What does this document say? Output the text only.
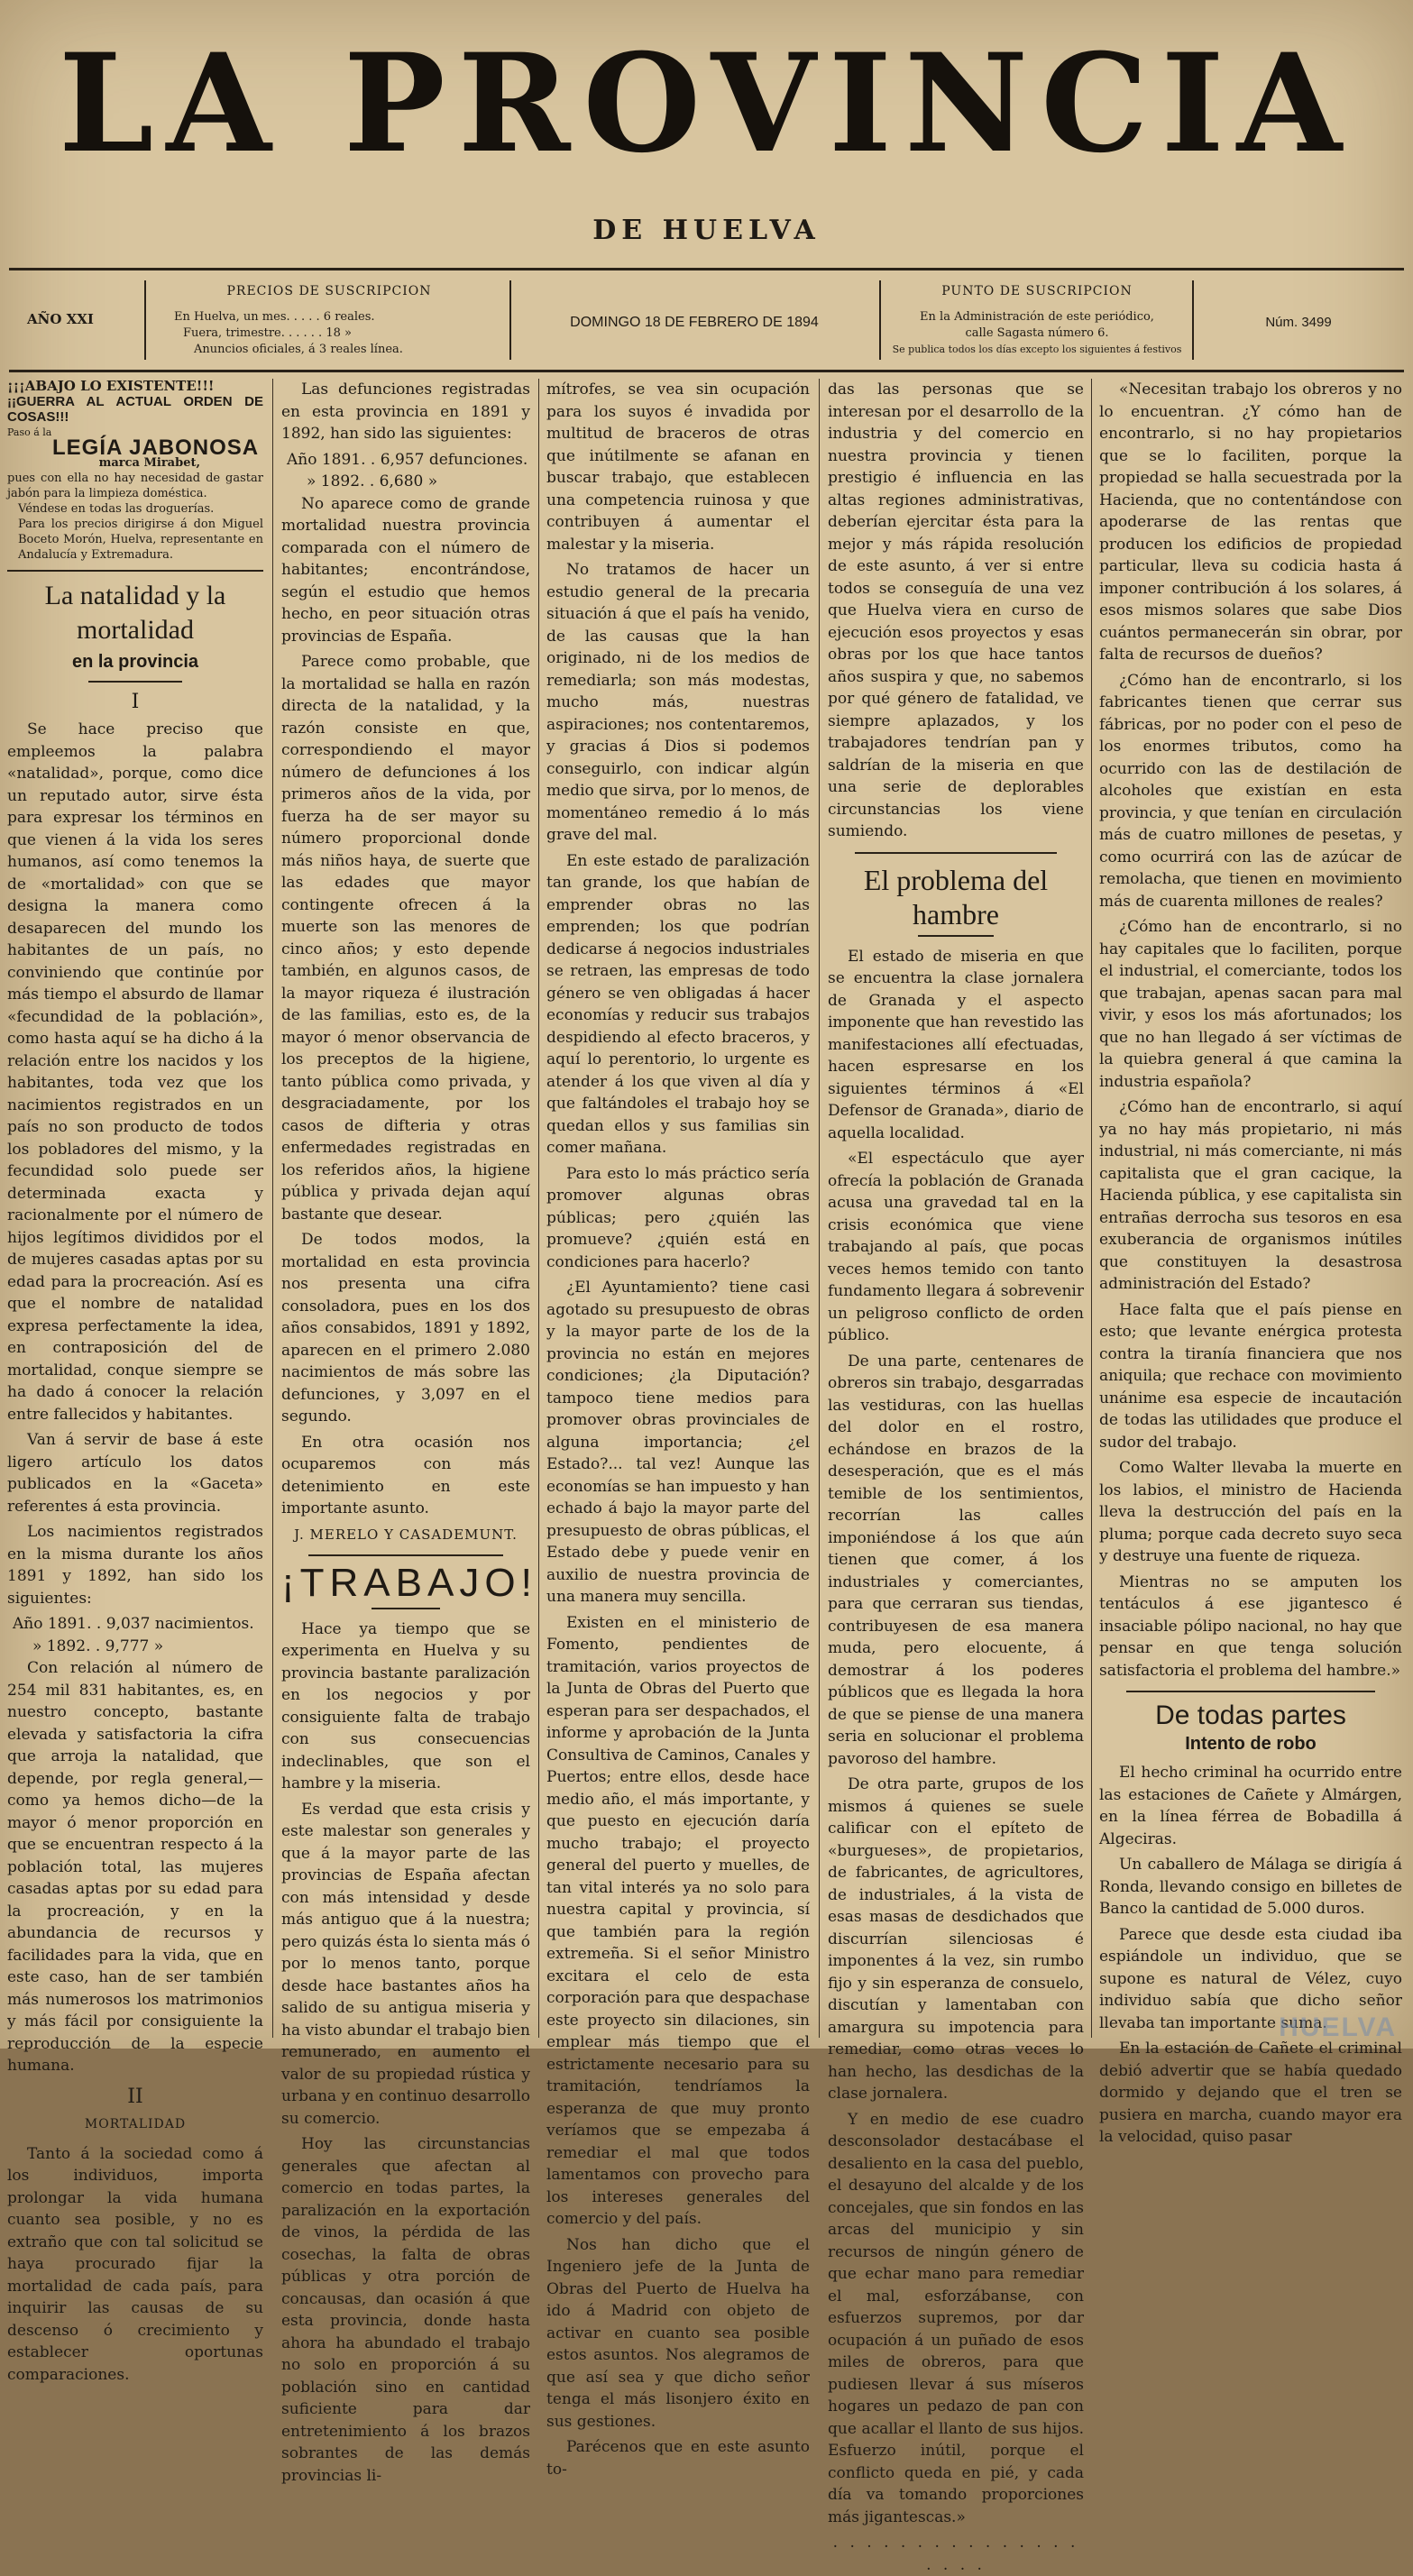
LA PROVINCIA
DE HUELVA
AÑO XXI
PRECIOS DE SUSCRIPCION
En Huelva, un mes. . . . . 6 reales.
Fuera, trimestre. . . . . . 18 »
Anuncios oficiales, á 3 reales línea.
DOMINGO 18 DE FEBRERO DE 1894
PUNTO DE SUSCRIPCION
En la Administración de este periódico,
calle Sagasta número 6.
Se publica todos los días excepto los siguientes á festivos
Núm. 3499
¡¡¡ABAJO LO EXISTENTE!!!
¡¡GUERRA AL ACTUAL ORDEN DE COSAS!!!
Paso á la
LEGÍA JABONOSA
marca Mirabet,
pues con ella no hay necesidad de gastar jabón para la limpieza doméstica.
Véndese en todas las droguerías.
Para los precios dirigirse á don Miguel Boceto Morón, Huelva, representante en Andalucía y Extremadura.
La natalidad y la mortalidad
en la provincia
I

Se hace preciso que empleemos la palabra «natalidad», porque, como dice un reputado autor, sirve ésta para expresar los términos en que vienen á la vida los seres humanos, así como tenemos la de «mortalidad» con que se designa la manera como desaparecen del mundo los habitantes de un país, no conviniendo que continúe por más tiempo el absurdo de llamar «fecundidad de la población», como hasta aquí se ha dicho á la relación entre los nacidos y los habitantes, toda vez que los nacimientos registrados en un país no son producto de todos los pobladores del mismo, y la fecundidad solo puede ser determinada exacta y racionalmente por el número de hijos legítimos divididos por el de mujeres casadas aptas por su edad para la procreación. Así es que el nombre de natalidad expresa perfectamente la idea, en contraposición del de mortalidad, conque siempre se ha dado á conocer la relación entre fallecidos y habitantes.

Van á servir de base á este ligero artículo los datos publicados en la «Gaceta» referentes á esta provincia.

Los nacimientos registrados en la misma durante los años 1891 y 1892, han sido los siguientes:

Año 1891. . 9,037 nacimientos.
» 1892. . 9,777 »

Con relación al número de 254 mil 831 habitantes, es, en nuestro concepto, bastante elevada y satisfactoria la cifra que arroja la natalidad, que depende, por regla general,—como ya hemos dicho—de la mayor ó menor proporción en que se encuentran respecto á la población total, las mujeres casadas aptas por su edad para la procreación, y en la abundancia de recursos y facilidades para la vida, que en este caso, han de ser también más numerosos los matrimonios y más fácil por consiguiente la reproducción de la especie humana.

II
MORTALIDAD

Tanto á la sociedad como á los individuos, importa prolongar la vida humana cuanto sea posible, y no es extraño que con tal solicitud se haya procurado fijar la mortalidad de cada país, para inquirir las causas de su descenso ó crecimiento y establecer oportunas comparaciones.

Las defunciones registradas en esta provincia en 1891 y 1892, han sido las siguientes:

Año 1891. . 6,957 defunciones.
» 1892. . 6,680 »

No aparece como de grande mortalidad nuestra provincia comparada con el número de habitantes; encontrándose, según el estudio que hemos hecho, en peor situación otras provincias de España.

Parece como probable, que la mortalidad se halla en razón directa de la natalidad, y la razón consiste en que, correspondiendo el mayor número de defunciones á los primeros años de la vida, por fuerza ha de ser mayor su número proporcional donde más niños haya, de suerte que las edades que mayor contingente ofrecen á la muerte son las menores de cinco años; y esto depende también, en algunos casos, de la mayor riqueza é ilustración de las familias, esto es, de la mayor ó menor observancia de los preceptos de la higiene, tanto pública como privada, y desgraciadamente, por los casos de difteria y otras enfermedades registradas en los referidos años, la higiene pública y privada dejan aquí bastante que desear.

De todos modos, la mortalidad en esta provincia nos presenta una cifra consoladora, pues en los dos años consabidos, 1891 y 1892, aparecen en el primero 2.080 nacimientos de más sobre las defunciones, y 3,097 en el segundo.

En otra ocasión nos ocuparemos con más detenimiento en este importante asunto.

J. MERELO Y CASADEMUNT.
¡TRABAJO!

Hace ya tiempo que se experimenta en Huelva y su provincia bastante paralización en los negocios y por consiguiente falta de trabajo con sus consecuencias indeclinables, que son el hambre y la miseria.

Es verdad que esta crisis y este malestar son generales y que á la mayor parte de las provincias de España afectan con más intensidad y desde más antiguo que á la nuestra; pero quizás ésta lo sienta más ó por lo menos tanto, porque desde hace bastantes años ha salido de su antigua miseria y ha visto abundar el trabajo bien remunerado, en aumento el valor de su propiedad rústica y urbana y en continuo desarrollo su comercio.

Hoy las circunstancias generales que afectan al comercio en todas partes, la paralización en la exportación de vinos, la pérdida de las cosechas, la falta de obras públicas y otra porción de concausas, dan ocasión á que esta provincia, donde hasta ahora ha abundado el trabajo no solo en proporción á su población sino en cantidad suficiente para dar entretenimiento á los brazos sobrantes de las demás provincias li-

mítrofes, se vea sin ocupación para los suyos é invadida por multitud de braceros de otras que inútilmente se afanan en buscar trabajo, que establecen una competencia ruinosa y que contribuyen á aumentar el malestar y la miseria.

No tratamos de hacer un estudio general de la precaria situación á que el país ha venido, de las causas que la han originado, ni de los medios de remediarla; son más modestas, mucho más, nuestras aspiraciones; nos contentaremos, y gracias á Dios si podemos conseguirlo, con indicar algún medio que sirva, por lo menos, de momentáneo remedio á lo más grave del mal.

En este estado de paralización tan grande, los que habían de emprender obras no las emprenden; los que podrían dedicarse á negocios industriales se retraen, las empresas de todo género se ven obligadas á hacer economías y reducir sus trabajos despidiendo al efecto braceros, y aquí lo perentorio, lo urgente es atender á los que viven al día y que faltándoles el trabajo hoy se quedan ellos y sus familias sin comer mañana.

Para esto lo más práctico sería promover algunas obras públicas; pero ¿quién las promueve? ¿quién está en condiciones para hacerlo?

¿El Ayuntamiento? tiene casi agotado su presupuesto de obras y la mayor parte de los de la provincia no están en mejores condiciones; ¿la Diputación? tampoco tiene medios para promover obras provinciales de alguna importancia; ¿el Estado?... tal vez! Aunque las economías se han impuesto y han echado á bajo la mayor parte del presupuesto de obras públicas, el Estado debe y puede venir en auxilio de nuestra provincia de una manera muy sencilla.

Existen en el ministerio de Fomento, pendientes de tramitación, varios proyectos de la Junta de Obras del Puerto que esperan para ser despachados, el informe y aprobación de la Junta Consultiva de Caminos, Canales y Puertos; entre ellos, desde hace medio año, el más importante, y que puesto en ejecución daría mucho trabajo; el proyecto general del puerto y muelles, de tan vital interés ya no solo para nuestra capital y provincia, sí que también para la región extremeña. Si el señor Ministro excitara el celo de esta corporación para que despachase este proyecto sin dilaciones, sin emplear más tiempo que el estrictamente necesario para su tramitación, tendríamos la esperanza de que muy pronto veríamos que se empezaba á remediar el mal que todos lamentamos con provecho para los intereses generales del comercio y del país.

Nos han dicho que el Ingeniero jefe de la Junta de Obras del Puerto de Huelva ha ido á Madrid con objeto de activar en cuanto sea posible estos asuntos. Nos alegramos de que así sea y que dicho señor tenga el más lisonjero éxito en sus gestiones.

Parécenos que en este asunto to-

das las personas que se interesan por el desarrollo de la industria y del comercio en nuestra provincia y tienen prestigio é influencia en las altas regiones administrativas, deberían ejercitar ésta para la mejor y más rápida resolución de este asunto, á ver si entre todos se conseguía de una vez que Huelva viera en curso de ejecución esos proyectos y esas obras por los que hace tantos años suspira y que, no sabemos por qué género de fatalidad, ve siempre aplazados, y los trabajadores tendrían pan y saldrían de la miseria en que una serie de deplorables circunstancias los viene sumiendo.

El problema del hambre

El estado de miseria en que se encuentra la clase jornalera de Granada y el aspecto imponente que han revestido las manifestaciones allí efectuadas, hacen espresarse en los siguientes términos á «El Defensor de Granada», diario de aquella localidad.

«El espectáculo que ayer ofrecía la población de Granada acusa una gravedad tal en la crisis económica que viene trabajando al país, que pocas veces hemos temido con tanto fundamento llegara á sobrevenir un peligroso conflicto de orden público.

De una parte, centenares de obreros sin trabajo, desgarradas las vestiduras, con las huellas del dolor en el rostro, echándose en brazos de la desesperación, que es el más temible de los sentimientos, recorrían las calles imponiéndose á los que aún tienen que comer, á los industriales y comerciantes, para que cerraran sus tiendas, contribuyesen de esa manera muda, pero elocuente, á demostrar á los poderes públicos que es llegada la hora de que se piense de una manera seria en solucionar el problema pavoroso del hambre.

De otra parte, grupos de los mismos á quienes se suele calificar con el epíteto de «burgueses», de propietarios, de fabricantes, de agricultores, de industriales, á la vista de esas masas de desdichados que discurrían silenciosas é imponentes á la vez, sin rumbo fijo y sin esperanza de consuelo, discutían y lamentaban con amargura su impotencia para remediar, como otras veces lo han hecho, las desdichas de la clase jornalera.

Y en medio de ese cuadro desconsolador destacábase el desaliento en la casa del pueblo, el desayuno del alcalde y de los concejales, que sin fondos en las arcas del municipio y sin recursos de ningún género de que echar mano para remediar el mal, esforzábanse, con esfuerzos supremos, por dar ocupación á un puñado de esos miles de obreros, para que pudiesen llevar á sus míseros hogares un pedazo de pan con que acallar el llanto de sus hijos. Esfuerzo inútil, porque el conflicto queda en pié, y cada día va tomando proporciones más jigantescas.»

. . . . . . . . . . . . . . . . . . .

«Necesitan trabajo los obreros y no lo encuentran. ¿Y cómo han de encontrarlo, si no hay propietarios que se lo faciliten, porque la propiedad se halla secuestrada por la Hacienda, que no contentándose con apoderarse de las rentas que producen los edificios de propiedad particular, lleva su codicia hasta á imponer contribución á los solares, á esos mismos solares que sabe Dios cuántos permanecerán sin obrar, por falta de recursos de dueños?

¿Cómo han de encontrarlo, si los fabricantes tienen que cerrar sus fábricas, por no poder con el peso de los enormes tributos, como ha ocurrido con las de destilación de alcoholes que existían en esta provincia, y que tenían en circulación más de cuatro millones de pesetas, y como ocurrirá con las de azúcar de remolacha, que tienen en movimiento más de cuarenta millones de reales?

¿Cómo han de encontrarlo, si no hay capitales que lo faciliten, porque el industrial, el comerciante, todos los que trabajan, apenas sacan para mal vivir, y esos los más afortunados; los que no han llegado á ser víctimas de la quiebra general á que camina la industria española?

¿Cómo han de encontrarlo, si aquí ya no hay más propietario, ni más industrial, ni más comerciante, ni más capitalista que el gran cacique, la Hacienda pública, y ese capitalista sin entrañas derrocha sus tesoros en esa exuberancia de organismos inútiles que constituyen la desastrosa administración del Estado?

Hace falta que el país piense en esto; que levante enérgica protesta contra la tiranía financiera que nos aniquila; que rechace con movimiento unánime esa especie de incautación de todas las utilidades que produce el sudor del trabajo.

Como Walter llevaba la muerte en los labios, el ministro de Hacienda lleva la destrucción del país en la pluma; porque cada decreto suyo seca y destruye una fuente de riqueza.

Mientras no se amputen los tentáculos á ese jigantesco é insaciable pólipo nacional, no hay que pensar en que tenga solución satisfactoria el problema del hambre.»

De todas partes
Intento de robo

El hecho criminal ha ocurrido entre las estaciones de Cañete y Almárgen, en la línea férrea de Bobadilla á Algeciras.

Un caballero de Málaga se dirigía á Ronda, llevando consigo en billetes de Banco la cantidad de 5.000 duros.

Parece que desde esta ciudad iba espiándole un individuo, que se supone es natural de Vélez, cuyo individuo sabía que dicho señor llevaba tan importante suma.

En la estación de Cañete el criminal debió advertir que se había quedado dormido y dejando que el tren se pusiera en marcha, cuando mayor era la velocidad, quiso pasar

HUELVA
